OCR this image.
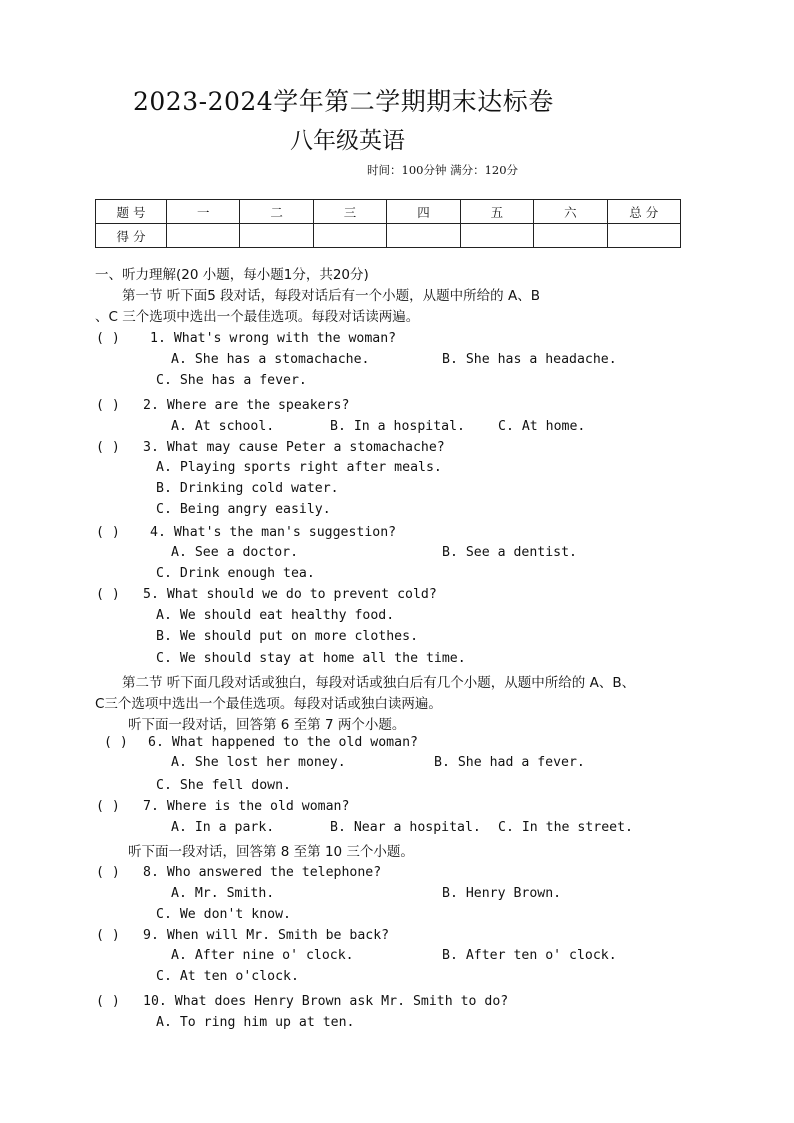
2023-2024学年第二学期期末达标卷
八年级英语
时间：100分钟 满分：120分
题 号	一	二	三	四	五	六	总 分
得 分							
一、听力理解(20 小题，每小题1分，共20分)
第一节 听下面5 段对话，每段对话后有一个小题，从题中所给的 A、B
、C 三个选项中选出一个最佳选项。每段对话读两遍。
( ) 1. What's wrong with the woman?
A. She has a stomachache.	B. She has a headache.
C. She has a fever.
( ) 2. Where are the speakers?
A. At school.	B. In a hospital.	C. At home.
( ) 3. What may cause Peter a stomachache?
A. Playing sports right after meals.
B. Drinking cold water.
C. Being angry easily.
( ) 4. What's the man's suggestion?
A. See a doctor.	B. See a dentist.
C. Drink enough tea.
( ) 5. What should we do to prevent cold?
A. We should eat healthy food.
B. We should put on more clothes.
C. We should stay at home all the time.
第二节 听下面几段对话或独白，每段对话或独白后有几个小题，从题中所给的 A、B、
C三个选项中选出一个最佳选项。每段对话或独白读两遍。
听下面一段对话，回答第 6 至第 7 两个小题。
( ) 6. What happened to the old woman?
A. She lost her money.	B. She had a fever.
C. She fell down.
( ) 7. Where is the old woman?
A. In a park.	B. Near a hospital. C. In the street.
听下面一段对话，回答第 8 至第 10 三个小题。
( ) 8. Who answered the telephone?
A. Mr. Smith.	B. Henry Brown.
C. We don't know.
( ) 9. When will Mr. Smith be back?
A. After nine o' clock.	B. After ten o' clock.
C. At ten o'clock.
( ) 10. What does Henry Brown ask Mr. Smith to do?
A. To ring him up at ten.
